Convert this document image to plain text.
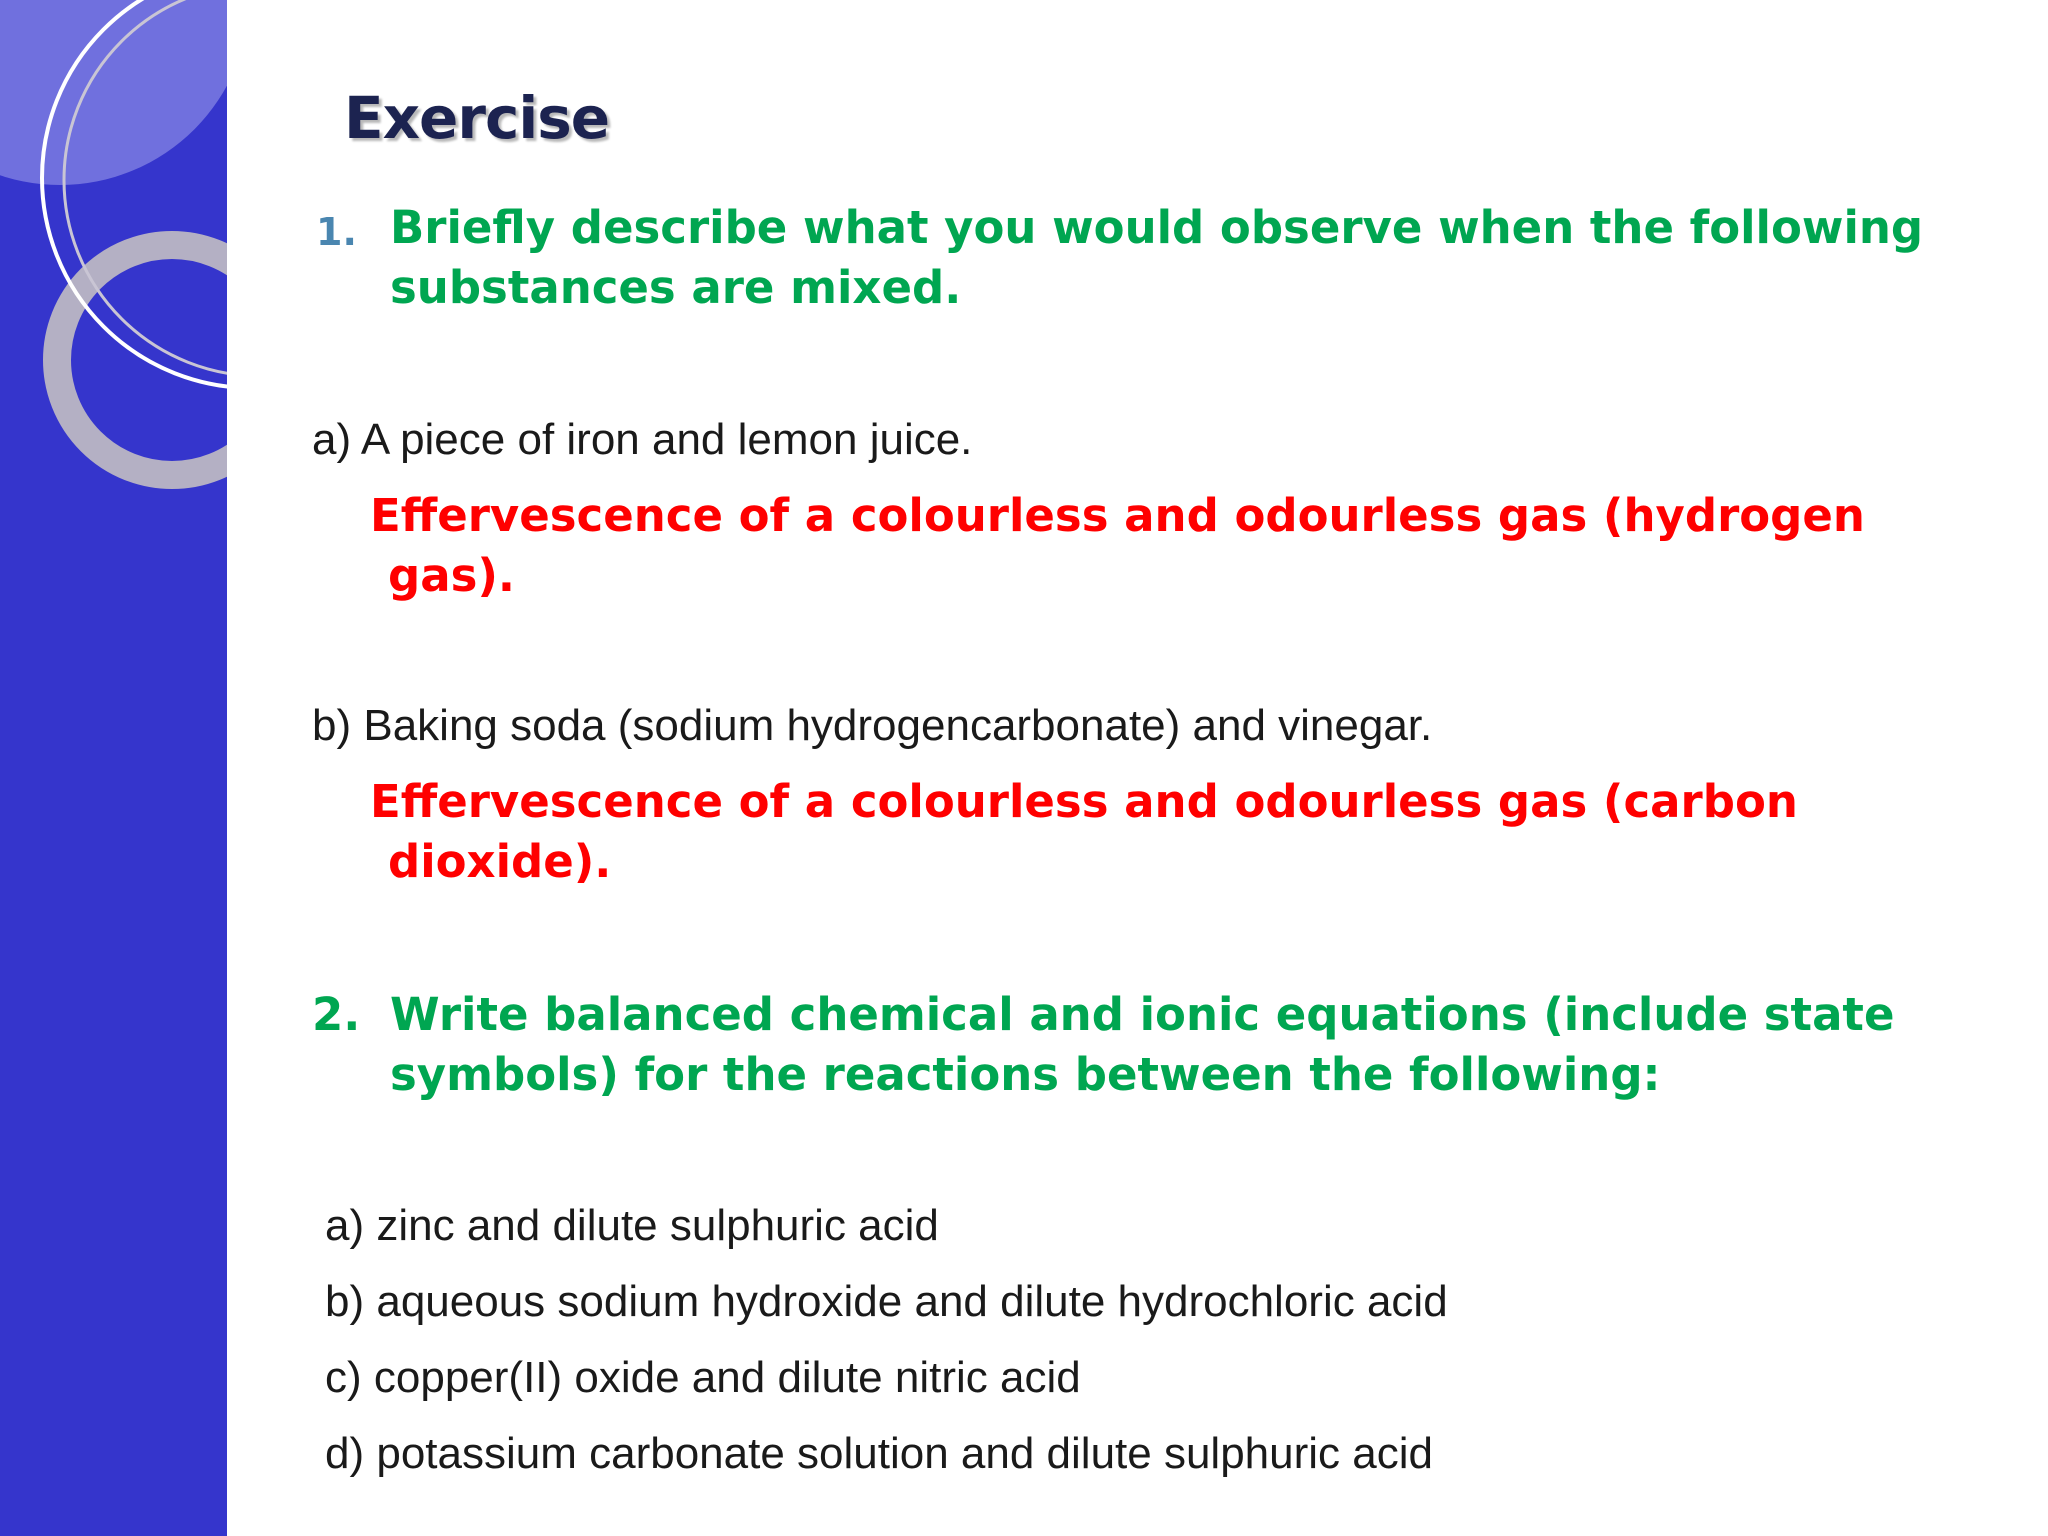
Exercise
1. Briefly describe what you would observe when the following substances are mixed.
a) A piece of iron and lemon juice.
Effervescence of a colourless and odourless gas (hydrogen
gas).
b) Baking soda (sodium hydrogencarbonate) and vinegar.
Effervescence of a colourless and odourless gas (carbon
dioxide).
2. Write balanced chemical and ionic equations (include state symbols) for the reactions between the following:
a) zinc and dilute sulphuric acid
b) aqueous sodium hydroxide and dilute hydrochloric acid
c) copper(II) oxide and dilute nitric acid
d) potassium carbonate solution and dilute sulphuric acid
